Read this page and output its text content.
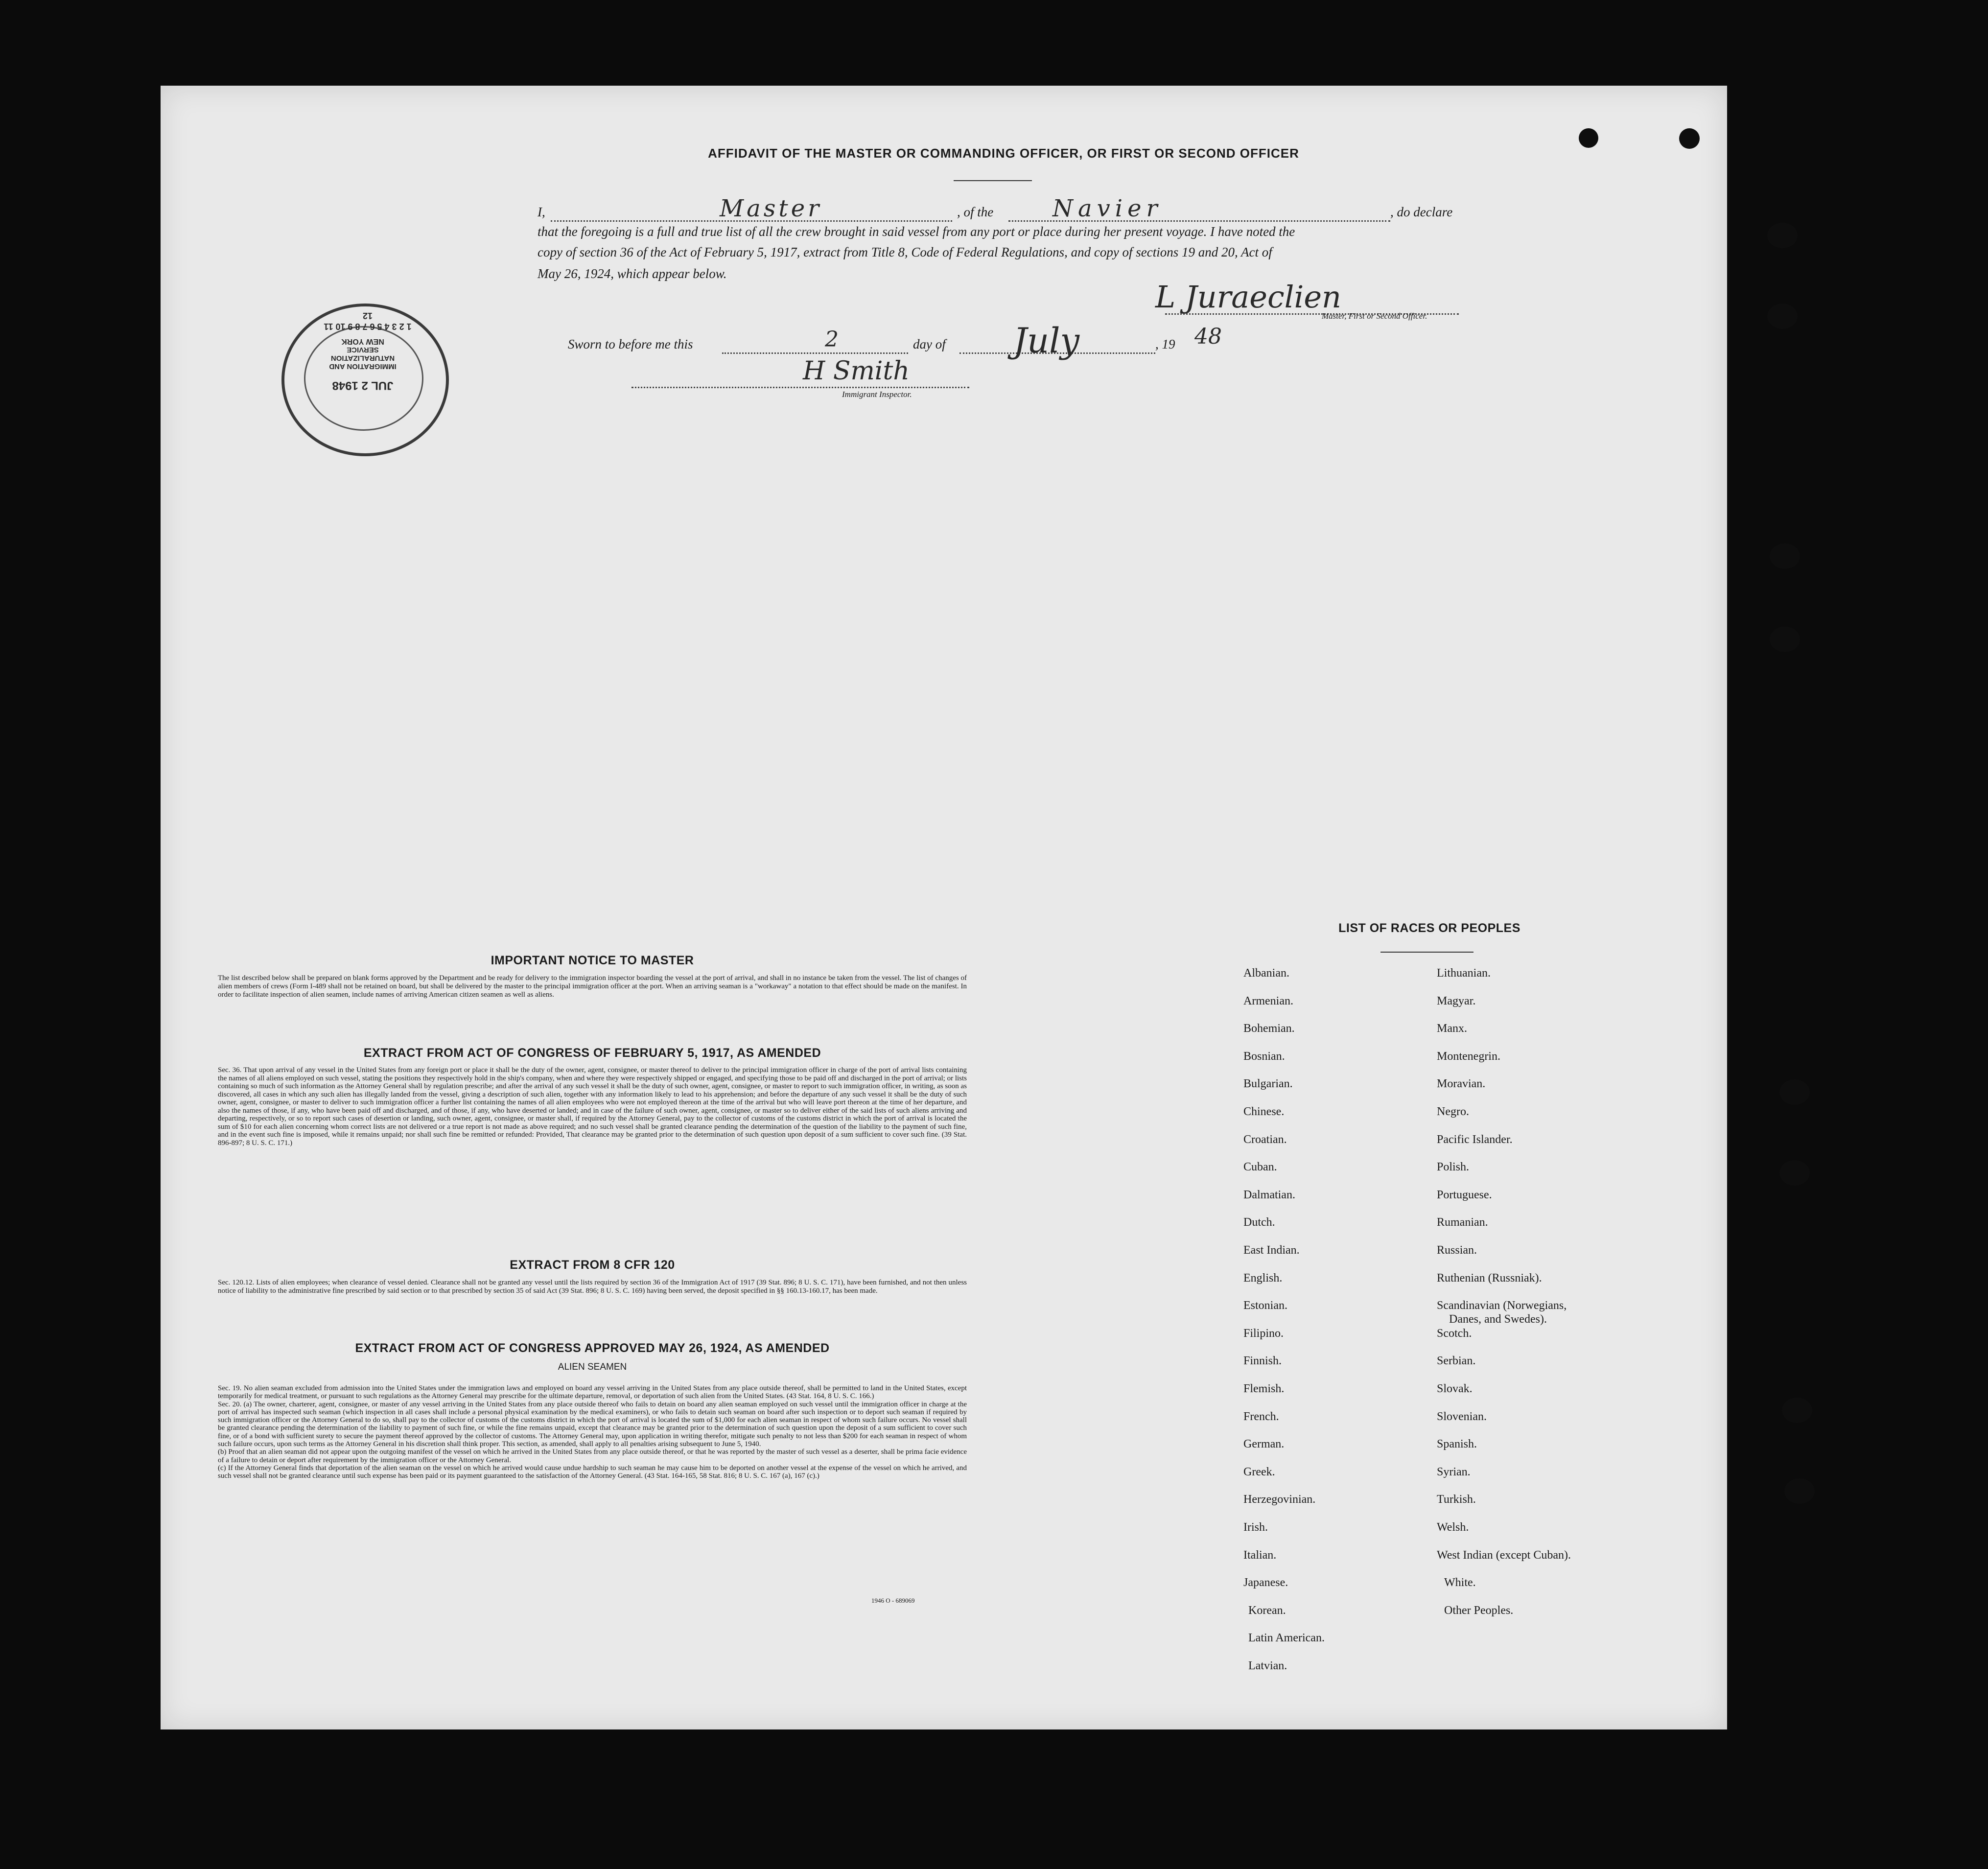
AFFIDAVIT OF THE MASTER OR COMMANDING OFFICER, OR FIRST OR SECOND OFFICER
I,	Master	, of the	Navier	, do declare
that the foregoing is a full and true list of all the crew brought in said vessel from any port or place during her present voyage. I have noted the
copy of section 36 of the Act of February 5, 1917, extract from Title 8, Code of Federal Regulations, and copy of sections 19 and 20, Act of
May 26, 1924, which appear below.
L Juraeclien
Master, First or Second Officer.
Sworn to before me this	2	day of July	, 19 48
H Smith
Immigrant Inspector.
1 2 3 4 5 6 7 8 9 10 11 12
JUL 2 1948
IMMIGRATION AND NATURALIZATION SERVICE
NEW YORK
IMPORTANT NOTICE TO MASTER
The list described below shall be prepared on blank forms approved by the Department and be ready for delivery to the immigration inspector boarding the vessel at the port of arrival, and shall in no instance be taken from the vessel. The list of changes of alien members of crews (Form I-489 shall not be retained on board, but shall be delivered by the master to the principal immigration officer at the port. When an arriving seaman is a "workaway" a notation to that effect should be made on the manifest. In order to facilitate inspection of alien seamen, include names of arriving American citizen seamen as well as aliens.
EXTRACT FROM ACT OF CONGRESS OF FEBRUARY 5, 1917, AS AMENDED
Sec. 36. That upon arrival of any vessel in the United States from any foreign port or place it shall be the duty of the owner, agent, consignee, or master thereof to deliver to the principal immigration officer in charge of the port of arrival lists containing the names of all aliens employed on such vessel, stating the positions they respectively hold in the ship's company, when and where they were respectively shipped or engaged, and specifying those to be paid off and discharged in the port of arrival; or lists containing so much of such information as the Attorney General shall by regulation prescribe; and after the arrival of any such vessel it shall be the duty of such owner, agent, consignee, or master to report to such immigration officer, in writing, as soon as discovered, all cases in which any such alien has illegally landed from the vessel, giving a description of such alien, together with any information likely to lead to his apprehension; and before the departure of any such vessel it shall be the duty of such owner, agent, consignee, or master to deliver to such immigration officer a further list containing the names of all alien employees who were not employed thereon at the time of the arrival but who will leave port thereon at the time of her departure, and also the names of those, if any, who have been paid off and discharged, and of those, if any, who have deserted or landed; and in case of the failure of such owner, agent, consignee, or master so to deliver either of the said lists of such aliens arriving and departing, respectively, or so to report such cases of desertion or landing, such owner, agent, consignee, or master shall, if required by the Attorney General, pay to the collector of customs of the customs district in which the port of arrival is located the sum of $10 for each alien concerning whom correct lists are not delivered or a true report is not made as above required; and no such vessel shall be granted clearance pending the determination of the question of the liability to the payment of such fine, and in the event such fine is imposed, while it remains unpaid; nor shall such fine be remitted or refunded: Provided, That clearance may be granted prior to the determination of such question upon deposit of a sum sufficient to cover such fine. (39 Stat. 896-897; 8 U. S. C. 171.)
EXTRACT FROM 8 CFR 120
Sec. 120.12. Lists of alien employees; when clearance of vessel denied. Clearance shall not be granted any vessel until the lists required by section 36 of the Immigration Act of 1917 (39 Stat. 896; 8 U. S. C. 171), have been furnished, and not then unless notice of liability to the administrative fine prescribed by said section or to that prescribed by section 35 of said Act (39 Stat. 896; 8 U. S. C. 169) having been served, the deposit specified in §§ 160.13-160.17, has been made.
EXTRACT FROM ACT OF CONGRESS APPROVED MAY 26, 1924, AS AMENDED
ALIEN SEAMEN
Sec. 19. No alien seaman excluded from admission into the United States under the immigration laws and employed on board any vessel arriving in the United States from any place outside thereof, shall be permitted to land in the United States, except temporarily for medical treatment, or pursuant to such regulations as the Attorney General may prescribe for the ultimate departure, removal, or deportation of such alien from the United States. (43 Stat. 164, 8 U. S. C. 166.)
Sec. 20. (a) The owner, charterer, agent, consignee, or master of any vessel arriving in the United States from any place outside thereof who fails to detain on board any alien seaman employed on such vessel until the immigration officer in charge at the port of arrival has inspected such seaman (which inspection in all cases shall include a personal physical examination by the medical examiners), or who fails to detain such seaman on board after such inspection or to deport such seaman if required by such immigration officer or the Attorney General to do so, shall pay to the collector of customs of the customs district in which the port of arrival is located the sum of $1,000 for each alien seaman in respect of whom such failure occurs. No vessel shall be granted clearance pending the determination of the liability to payment of such fine, or while the fine remains unpaid, except that clearance may be granted prior to the determination of such question upon the deposit of a sum sufficient to cover such fine, or of a bond with sufficient surety to secure the payment thereof approved by the collector of customs. The Attorney General may, upon application in writing therefor, mitigate such penalty to not less than $200 for each seaman in respect of whom such failure occurs, upon such terms as the Attorney General in his discretion shall think proper. This section, as amended, shall apply to all penalties arising subsequent to June 5, 1940.
(b) Proof that an alien seaman did not appear upon the outgoing manifest of the vessel on which he arrived in the United States from any place outside thereof, or that he was reported by the master of such vessel as a deserter, shall be prima facie evidence of a failure to detain or deport after requirement by the immigration officer or the Attorney General.
(c) If the Attorney General finds that deportation of the alien seaman on the vessel on which he arrived would cause undue hardship to such seaman he may cause him to be deported on another vessel at the expense of the vessel on which he arrived, and such vessel shall not be granted clearance until such expense has been paid or its payment guaranteed to the satisfaction of the Attorney General. (43 Stat. 164-165, 58 Stat. 816; 8 U. S. C. 167 (a), 167 (c).)
1946 O - 689069
LIST OF RACES OR PEOPLES
Albanian.
Armenian.
Bohemian.
Bosnian.
Bulgarian.
Chinese.
Croatian.
Cuban.
Dalmatian.
Dutch.
East Indian.
English.
Estonian.
Filipino.
Finnish.
Flemish.
French.
German.
Greek.
Herzegovinian.
Irish.
Italian.
Japanese.
Korean.
Latin American.
Latvian.
Lithuanian.
Magyar.
Manx.
Montenegrin.
Moravian.
Negro.
Pacific Islander.
Polish.
Portuguese.
Rumanian.
Russian.
Ruthenian (Russniak).
Scandinavian (Norwegians,
Danes, and Swedes).
Scotch.
Serbian.
Slovak.
Slovenian.
Spanish.
Syrian.
Turkish.
Welsh.
West Indian (except Cuban).
White.
Other Peoples.
